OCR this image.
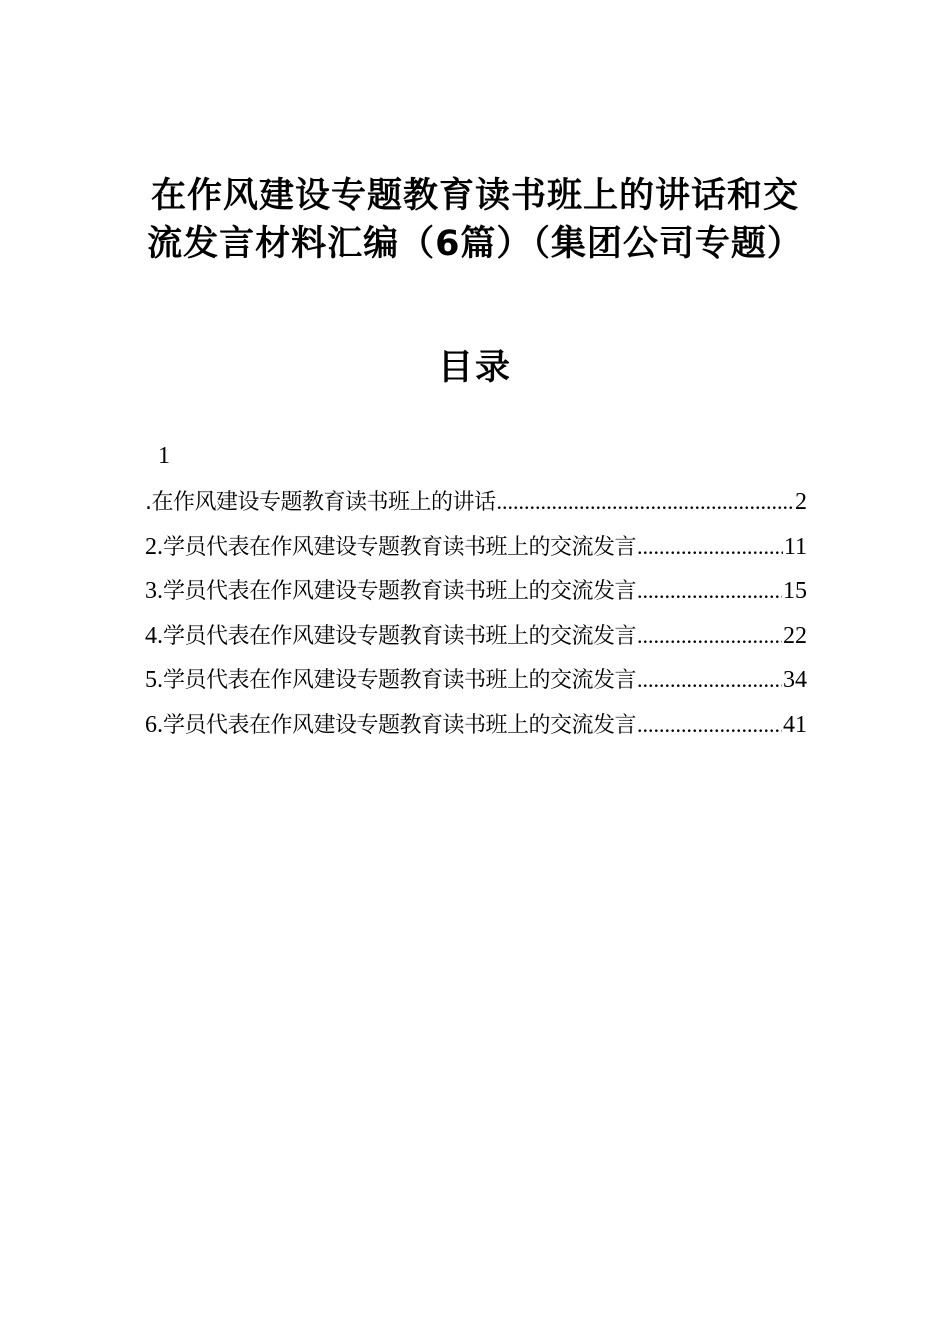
在作风建设专题教育读书班上的讲话和交
流发言材料汇编（6篇）（集团公司专题）
目录
1
.在作风建设专题教育读书班上的讲话 .....	2
2. 学员代表在作风建设专题教育读书班上的交流发言 .....	11
3. 学员代表在作风建设专题教育读书班上的交流发言 .....	15
4. 学员代表在作风建设专题教育读书班上的交流发言 .....	22
5. 学员代表在作风建设专题教育读书班上的交流发言 .....	34
6. 学员代表在作风建设专题教育读书班上的交流发言 .....	41
